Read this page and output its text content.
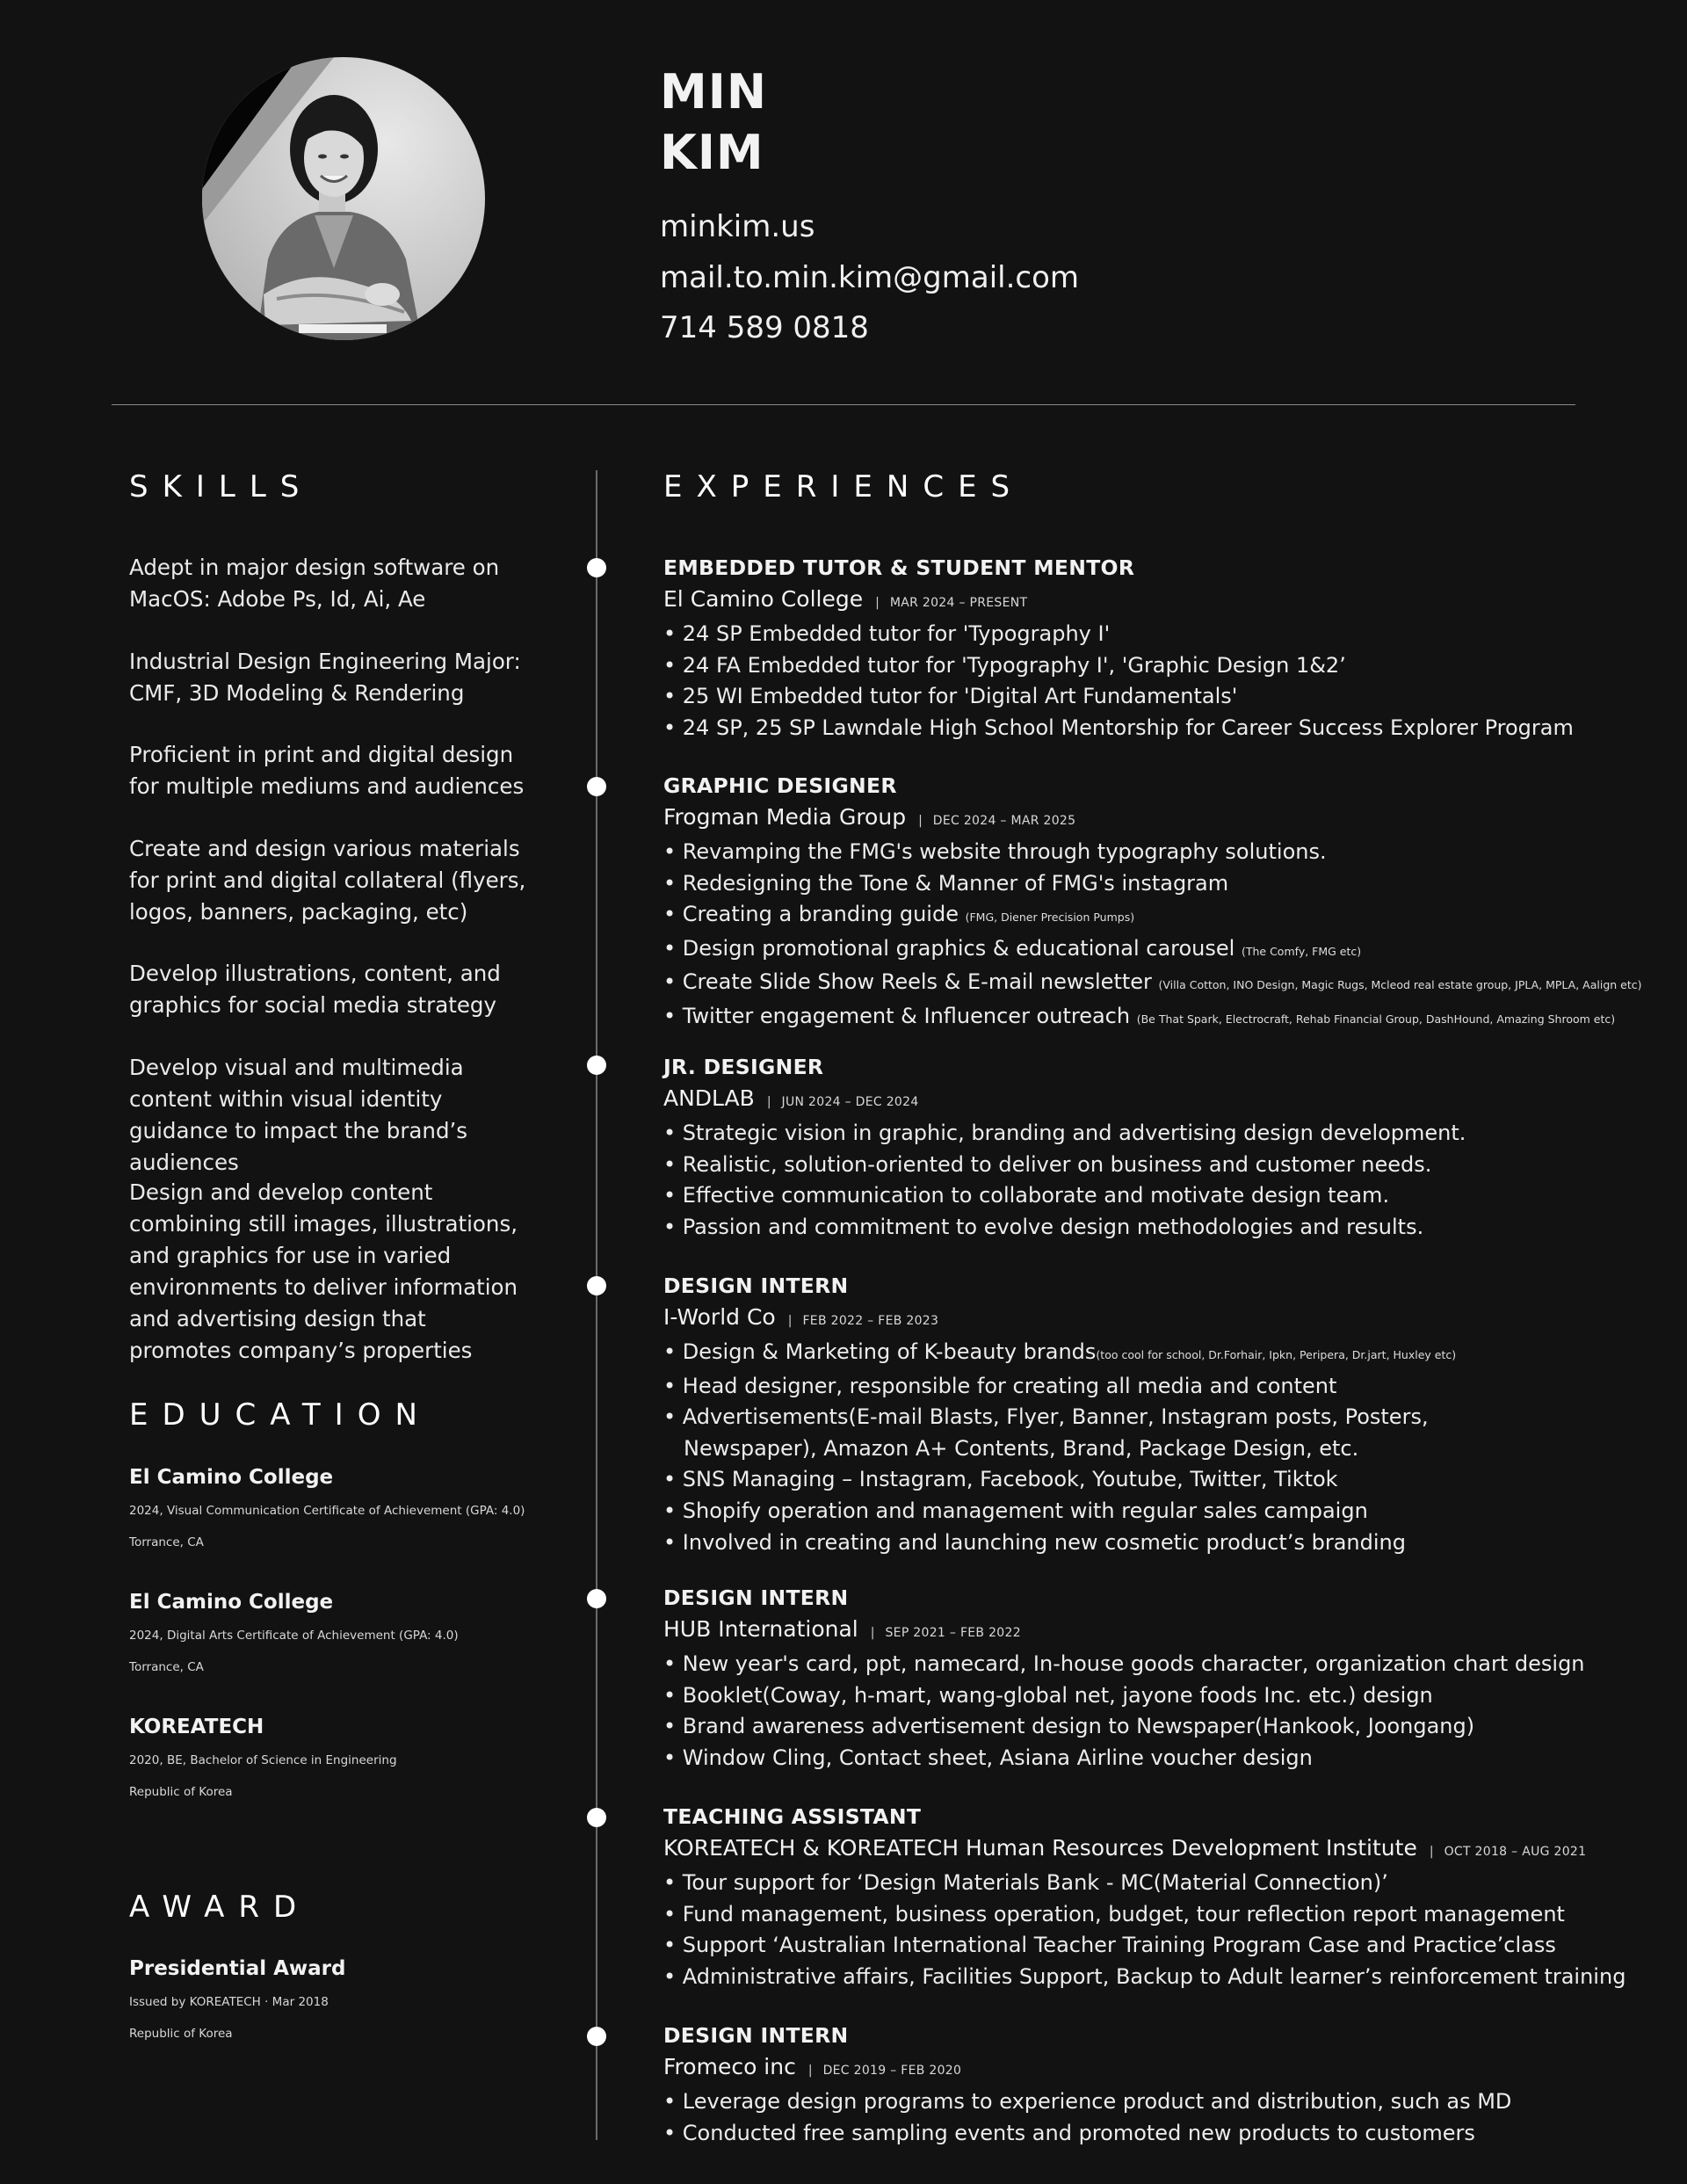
MIN
KIM
minkim.us
mail.to.min.kim@gmail.com
714 589 0818
SKILLS
Adept in major design software on MacOS: Adobe Ps, Id, Ai, Ae
Industrial Design Engineering Major: CMF, 3D Modeling & Rendering
Proficient in print and digital design for multiple mediums and audiences
Create and design various materials for print and digital collateral (flyers, logos, banners, packaging, etc)
Develop illustrations, content, and graphics for social media strategy
Develop visual and multimedia content within visual identity guidance to impact the brand’s audiences
Design and develop content combining still images, illustrations, and graphics for use in varied environments to deliver information and advertising design that promotes company’s properties
EDUCATION
El Camino College
2024, Visual Communication Certificate of Achievement (GPA: 4.0)
Torrance, CA
El Camino College
2024, Digital Arts Certificate of Achievement (GPA: 4.0)
Torrance, CA
KOREATECH
2020, BE, Bachelor of Science in Engineering
Republic of Korea
AWARD
Presidential Award
Issued by KOREATECH · Mar 2018
Republic of Korea
EXPERIENCES
EMBEDDED TUTOR & STUDENT MENTOR
El Camino College | MAR 2024 – PRESENT
• 24 SP Embedded tutor for 'Typography I'
• 24 FA Embedded tutor for 'Typography I', 'Graphic Design 1&2’
• 25 WI Embedded tutor for 'Digital Art Fundamentals'
• 24 SP, 25 SP Lawndale High School Mentorship for Career Success Explorer Program
GRAPHIC DESIGNER
Frogman Media Group | DEC 2024 – MAR 2025
• Revamping the FMG's website through typography solutions.
• Redesigning the Tone & Manner of FMG's instagram
• Creating a branding guide (FMG, Diener Precision Pumps)
• Design promotional graphics & educational carousel (The Comfy, FMG etc)
• Create Slide Show Reels & E-mail newsletter (Villa Cotton, INO Design, Magic Rugs, Mcleod real estate group, JPLA, MPLA, Aalign etc)
• Twitter engagement & Influencer outreach (Be That Spark, Electrocraft, Rehab Financial Group, DashHound, Amazing Shroom etc)
JR. DESIGNER
ANDLAB | JUN 2024 – DEC 2024
• Strategic vision in graphic, branding and advertising design development.
• Realistic, solution-oriented to deliver on business and customer needs.
• Effective communication to collaborate and motivate design team.
• Passion and commitment to evolve design methodologies and results.
DESIGN INTERN
I-World Co | FEB 2022 – FEB 2023
• Design & Marketing of K-beauty brands(too cool for school, Dr.Forhair, Ipkn, Peripera, Dr.jart, Huxley etc)
• Head designer, responsible for creating all media and content
• Advertisements(E-mail Blasts, Flyer, Banner, Instagram posts, Posters, Newspaper), Amazon A+ Contents, Brand, Package Design, etc.
• SNS Managing – Instagram, Facebook, Youtube, Twitter, Tiktok
• Shopify operation and management with regular sales campaign
• Involved in creating and launching new cosmetic product’s branding
DESIGN INTERN
HUB International | SEP 2021 – FEB 2022
• New year's card, ppt, namecard, In-house goods character, organization chart design
• Booklet(Coway, h-mart, wang-global net, jayone foods Inc. etc.) design
• Brand awareness advertisement design to Newspaper(Hankook, Joongang)
• Window Cling, Contact sheet, Asiana Airline voucher design
TEACHING ASSISTANT
KOREATECH & KOREATECH Human Resources Development Institute | OCT 2018 – AUG 2021
• Tour support for ‘Design Materials Bank - MC(Material Connection)’
• Fund management, business operation, budget, tour reflection report management
• Support ‘Australian International Teacher Training Program Case and Practice’class
• Administrative affairs, Facilities Support, Backup to Adult learner’s reinforcement training
DESIGN INTERN
Fromeco inc | DEC 2019 – FEB 2020
• Leverage design programs to experience product and distribution, such as MD
• Conducted free sampling events and promoted new products to customers
